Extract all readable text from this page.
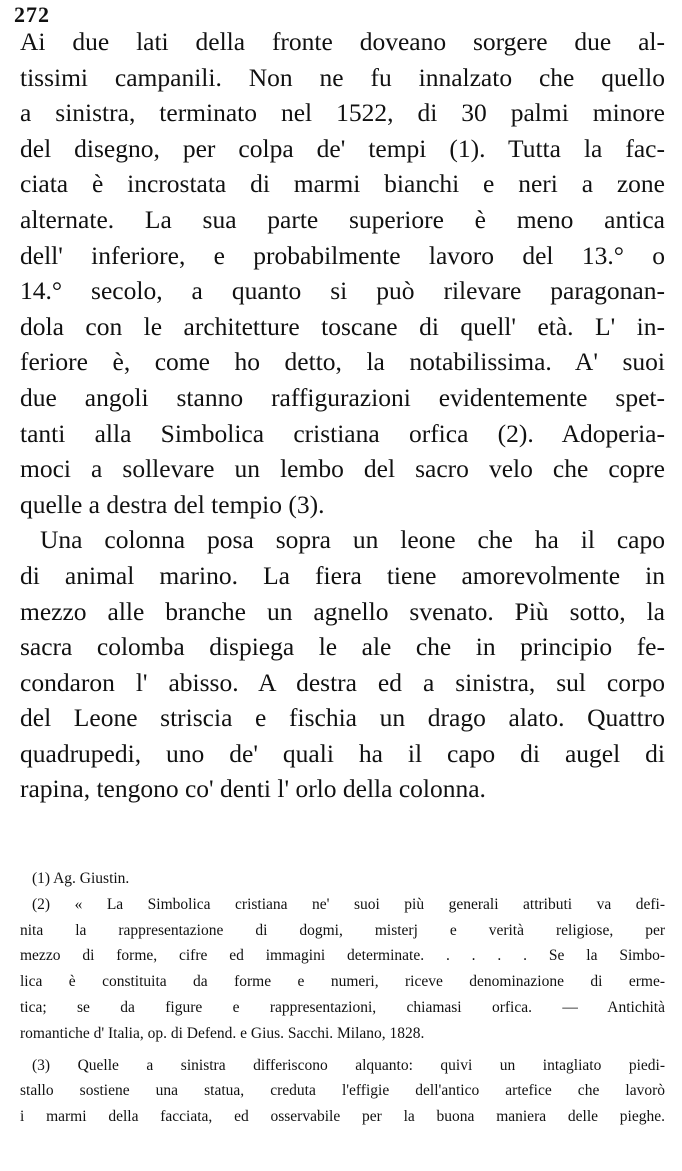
272
Ai due lati della fronte doveano sorgere due al-
tissimi campanili. Non ne fu innalzato che quello
a sinistra, terminato nel 1522, di 30 palmi minore
del disegno, per colpa de' tempi (1). Tutta la fac-
ciata è incrostata di marmi bianchi e neri a zone
alternate. La sua parte superiore è meno antica
dell' inferiore, e probabilmente lavoro del 13.° o
14.° secolo, a quanto si può rilevare paragonan-
dola con le architetture toscane di quell' età. L' in-
feriore è, come ho detto, la notabilissima. A' suoi
due angoli stanno raffigurazioni evidentemente spet-
tanti alla Simbolica cristiana orfica (2). Adoperia-
moci a sollevare un lembo del sacro velo che copre
quelle a destra del tempio (3).
Una colonna posa sopra un leone che ha il capo
di animal marino. La fiera tiene amorevolmente in
mezzo alle branche un agnello svenato. Più sotto, la
sacra colomba dispiega le ale che in principio fe-
condaron l' abisso. A destra ed a sinistra, sul corpo
del Leone striscia e fischia un drago alato. Quattro
quadrupedi, uno de' quali ha il capo di augel di
rapina, tengono co' denti l' orlo della colonna.
(1) Ag. Giustin.
(2) « La Simbolica cristiana ne' suoi più generali attributi va defi-
nita la rappresentazione di dogmi, misterj e verità religiose, per
mezzo di forme, cifre ed immagini determinate. . . . . Se la Simbo-
lica è constituita da forme e numeri, riceve denominazione di erme-
tica; se da figure e rappresentazioni, chiamasi orfica. — Antichità
romantiche d' Italia, op. di Defend. e Gius. Sacchi. Milano, 1828.
(3) Quelle a sinistra differiscono alquanto: quivi un intagliato piedi-
stallo sostiene una statua, creduta l'effigie dell'antico artefice che lavorò
i marmi della facciata, ed osservabile per la buona maniera delle pieghe.
